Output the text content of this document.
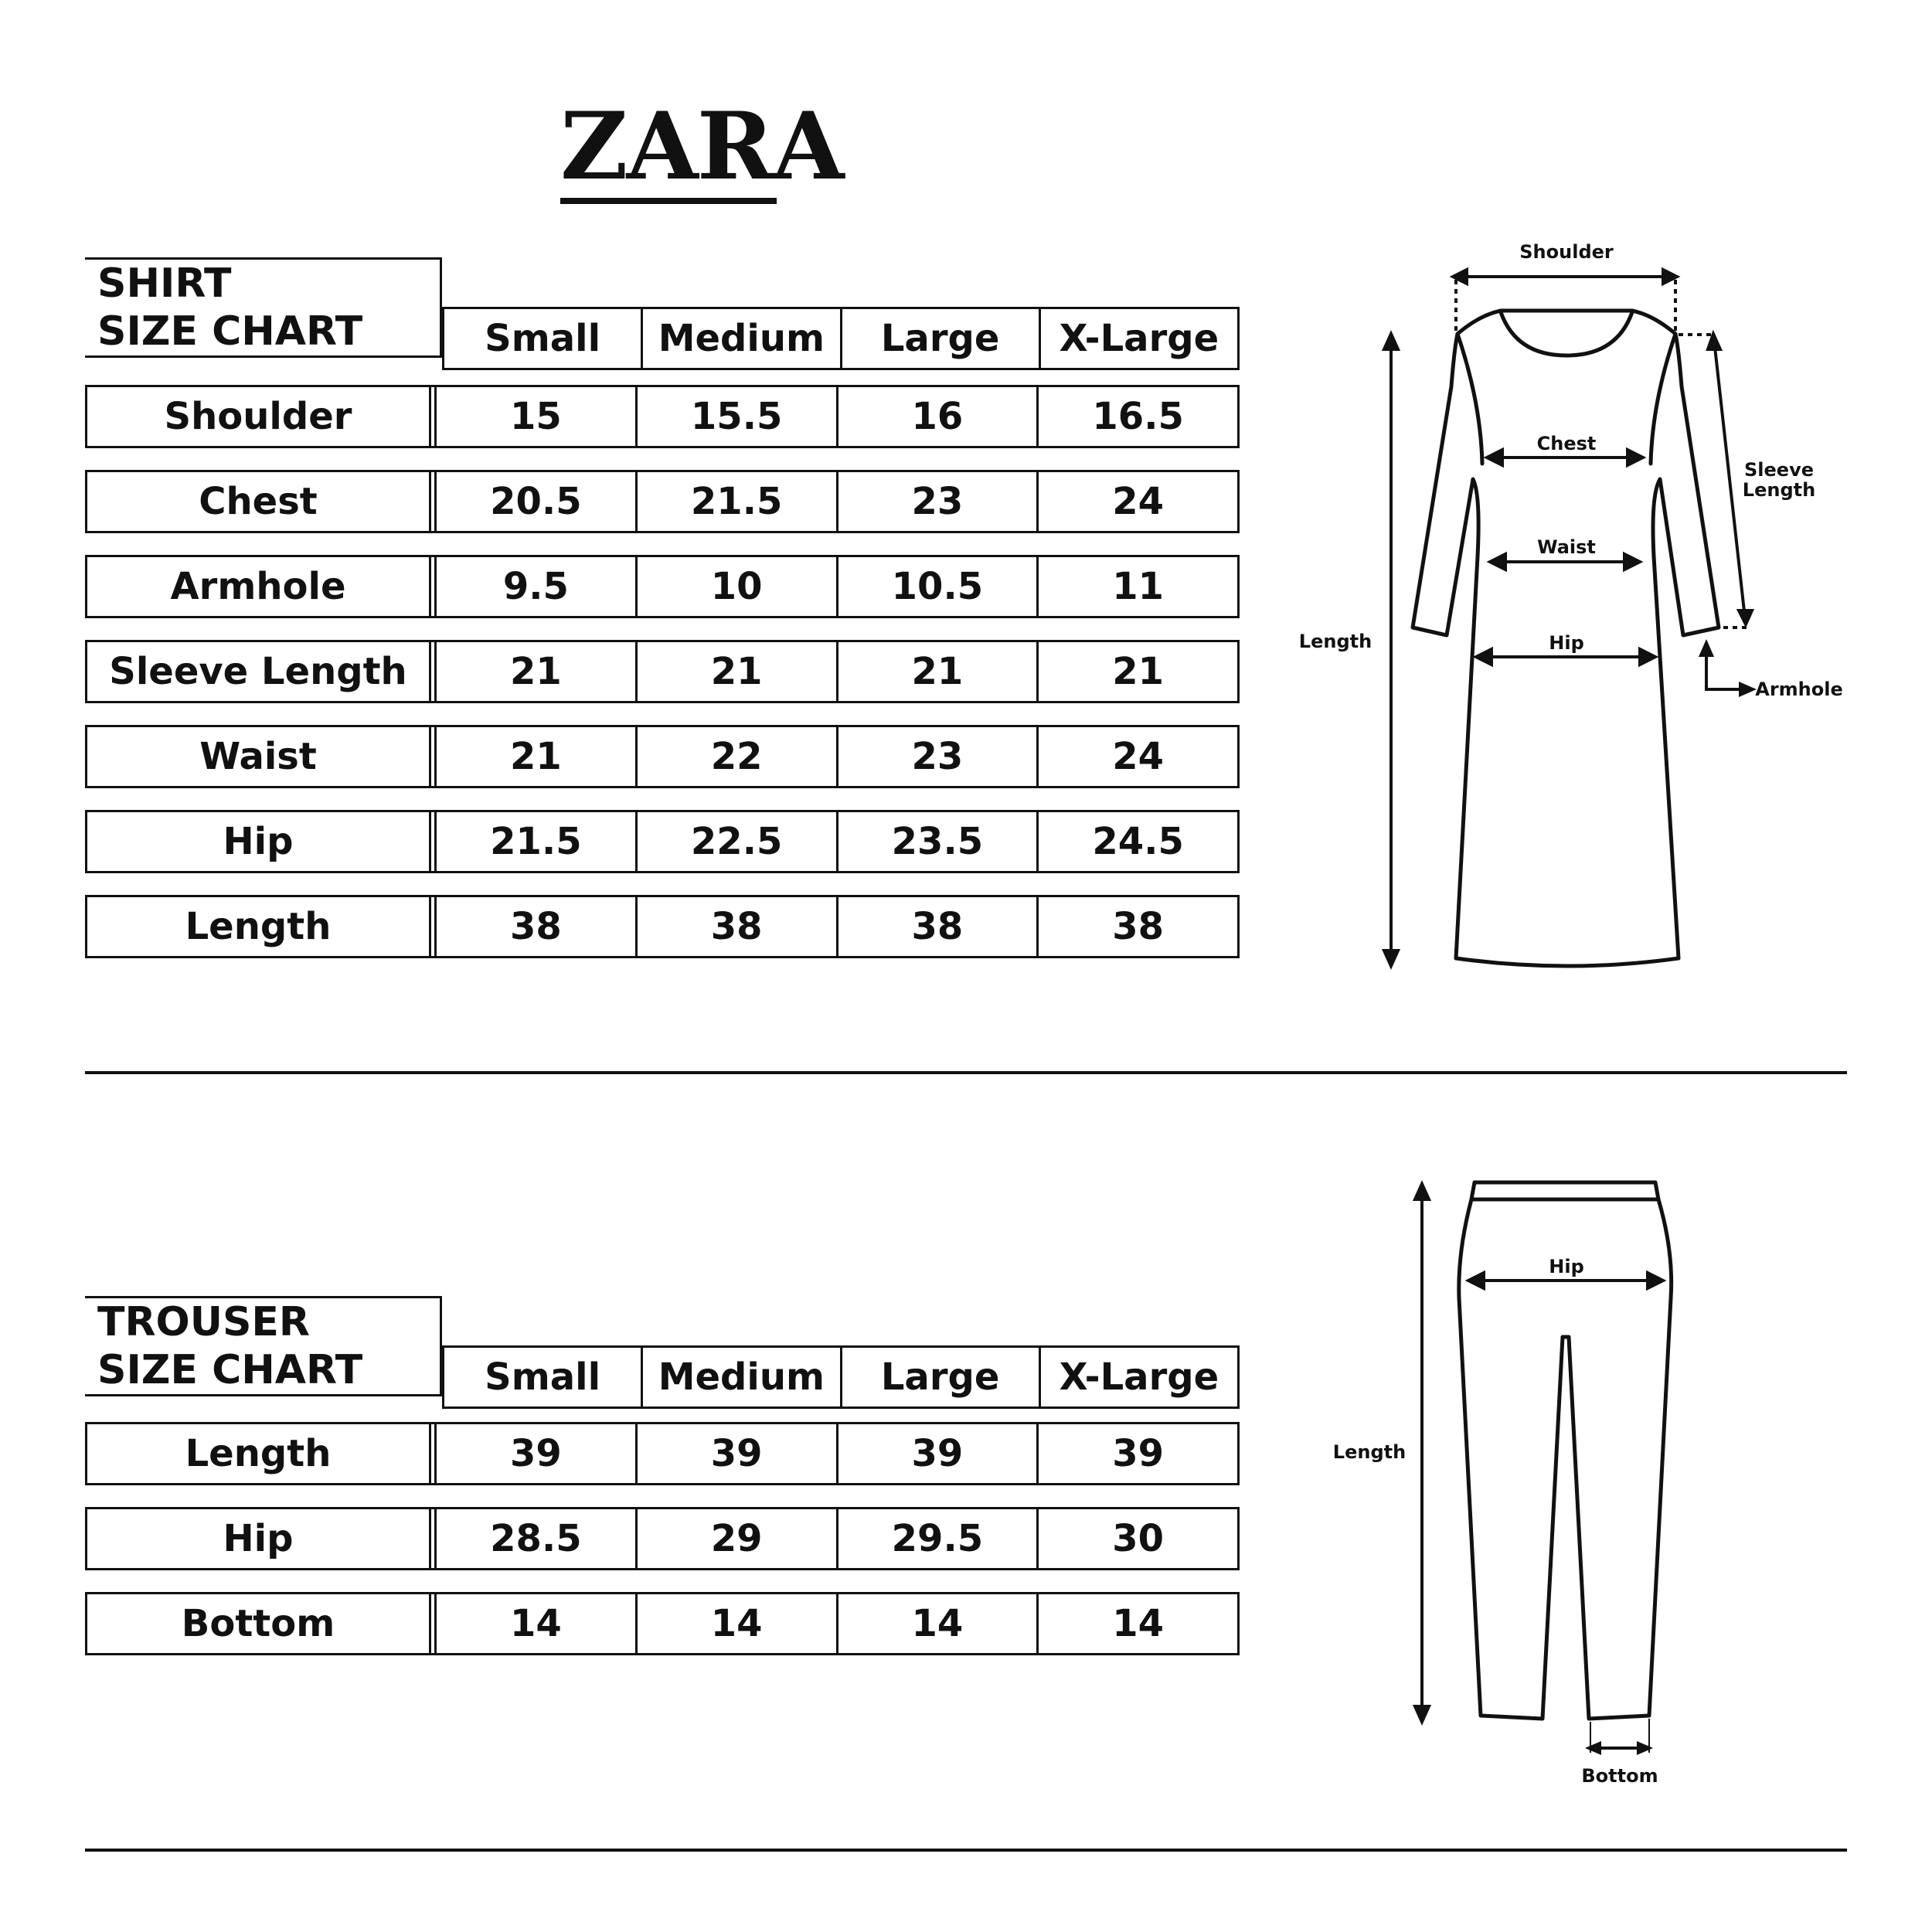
ZARA
SHIRT
SIZE CHART	Small	Medium	Large	X-Large
Shoulder	15	15.5	16	16.5
Chest	20.5	21.5	23	24
Armhole	9.5	10	10.5	11
Sleeve Length	21	21	21	21
Waist	21	22	23	24
Hip	21.5	22.5	23.5	24.5
Length	38	38	38	38
Shoulder
Chest
Waist
Hip
Length
Sleeve
Length
Armhole
TROUSER
SIZE CHART	Small	Medium	Large	X-Large
Length	39	39	39	39
Hip	28.5	29	29.5	30
Bottom	14	14	14	14
Hip
Length
Bottom
